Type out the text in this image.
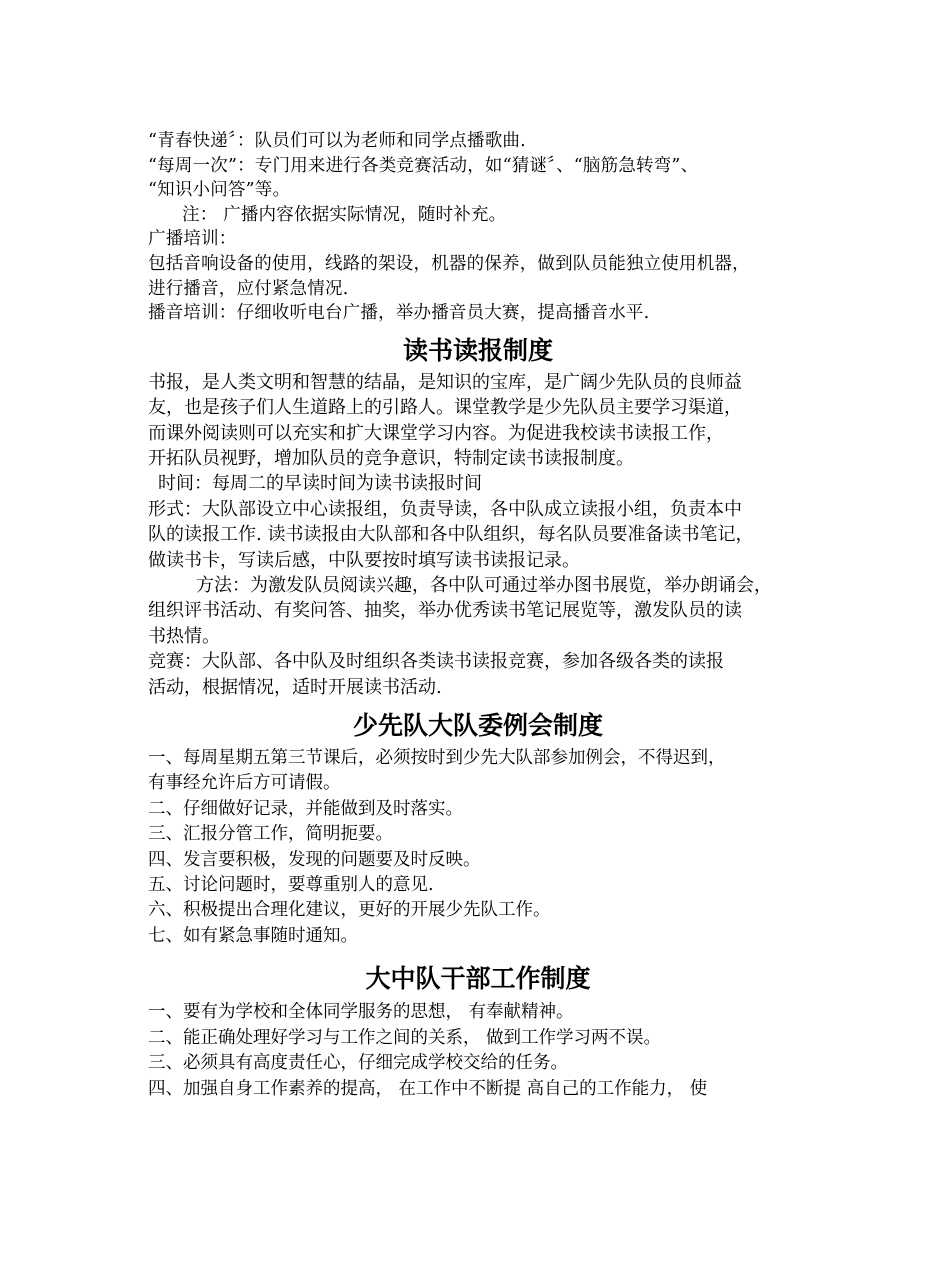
“青春快递〞：队员们可以为老师和同学点播歌曲.
“每周一次”：专门用来进行各类竞赛活动，如“猜谜〞、“脑筋急转弯”、
“知识小问答”等。
注： 广播内容依据实际情况，随时补充。
广播培训：
包括音响设备的使用，线路的架设，机器的保养，做到队员能独立使用机器，
进行播音，应付紧急情况.
播音培训：仔细收听电台广播，举办播音员大赛，提高播音水平.
读书读报制度
书报，是人类文明和智慧的结晶，是知识的宝库，是广阔少先队员的良师益
友，也是孩子们人生道路上的引路人。课堂教学是少先队员主要学习渠道，
而课外阅读则可以充实和扩大课堂学习内容。为促进我校读书读报工作，
开拓队员视野，增加队员的竞争意识，特制定读书读报制度。
时间：每周二的早读时间为读书读报时间
形式：大队部设立中心读报组，负责导读，各中队成立读报小组，负责本中
队的读报工作. 读书读报由大队部和各中队组织，每名队员要准备读书笔记，
做读书卡，写读后感，中队要按时填写读书读报记录。
方法：为激发队员阅读兴趣，各中队可通过举办图书展览，举办朗诵会，
组织评书活动、有奖问答、抽奖，举办优秀读书笔记展览等，激发队员的读
书热情。
竞赛：大队部、各中队及时组织各类读书读报竞赛，参加各级各类的读报
活动，根据情况，适时开展读书活动.
少先队大队委例会制度
一、每周星期五第三节课后，必须按时到少先大队部参加例会，不得迟到，
有事经允许后方可请假。
二、仔细做好记录，并能做到及时落实。
三、汇报分管工作，简明扼要。
四、发言要积极，发现的问题要及时反映。
五、讨论问题时，要尊重别人的意见.
六、积极提出合理化建议，更好的开展少先队工作。
七、如有紧急事随时通知。
大中队干部工作制度
一、要有为学校和全体同学服务的思想， 有奉献精神。
二、能正确处理好学习与工作之间的关系， 做到工作学习两不误。
三、必须具有高度责任心，仔细完成学校交给的任务。
四、加强自身工作素养的提高， 在工作中不断提 高自己的工作能力， 使
